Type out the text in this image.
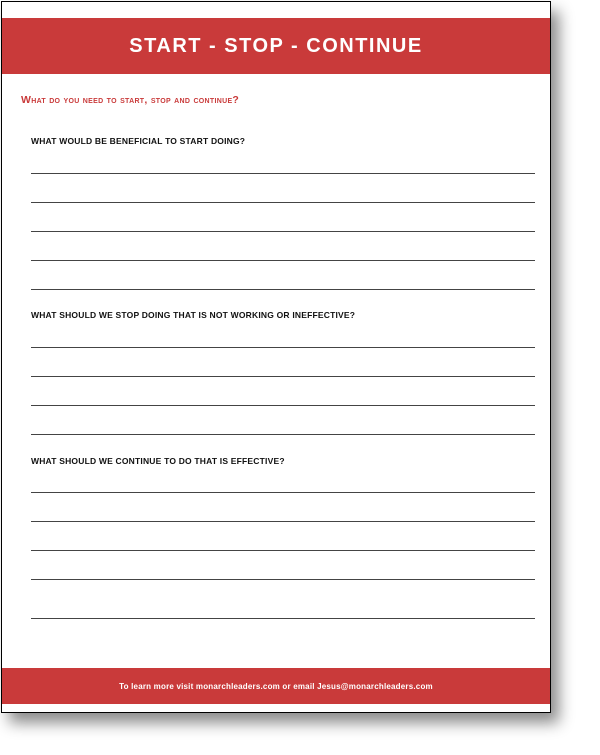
START - STOP - CONTINUE
What do you need to start, stop and continue?
WHAT WOULD BE BENEFICIAL TO START DOING?
WHAT SHOULD WE STOP DOING THAT IS NOT WORKING OR INEFFECTIVE?
WHAT SHOULD WE CONTINUE TO DO THAT IS EFFECTIVE?
To learn more visit monarchleaders.com or email Jesus@monarchleaders.com
